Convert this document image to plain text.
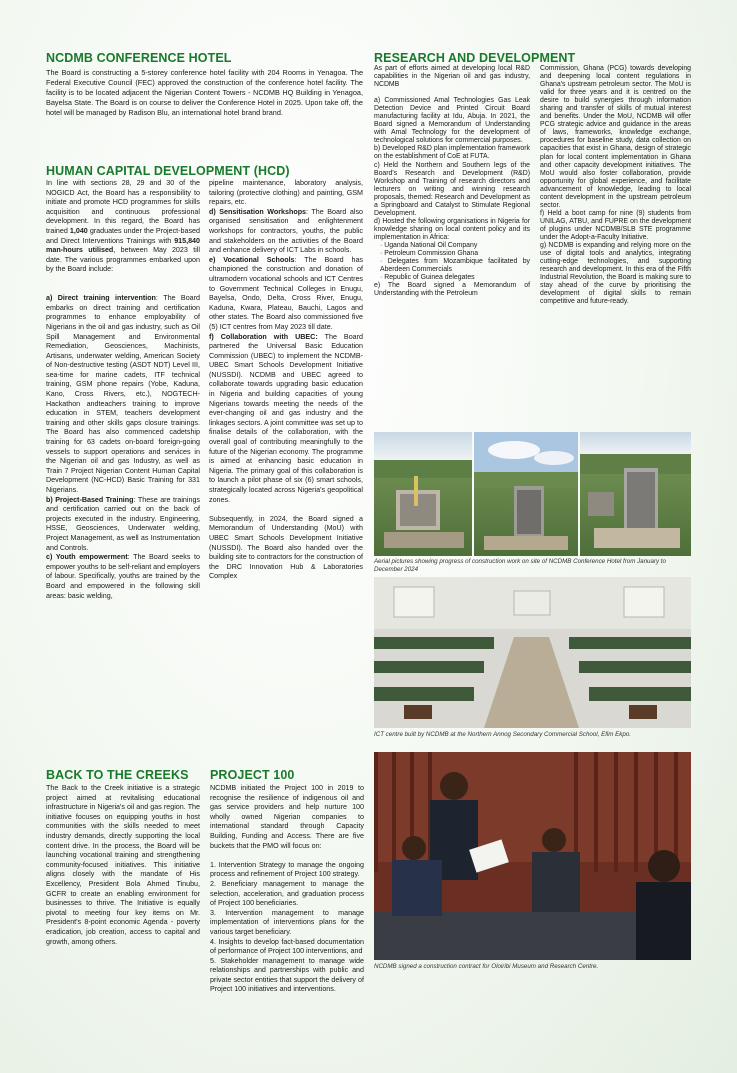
NCDMB CONFERENCE HOTEL

The Board is constructing a 5-storey conference hotel facility with 204 Rooms in Yenagoa. The Federal Executive Council (FEC) approved the construction of the conference hotel facility. The facility is to be located adjacent the Nigerian Content Towers - NCDMB HQ Building in Yenagoa, Bayelsa State. The Board is on course to deliver the Conference Hotel in 2025. Upon take off, the hotel will be managed by Radison Blu, an international hotel brand brand.

HUMAN CAPITAL DEVELOPMENT (HCD)

In line with sections 28, 29 and 30 of the NOGICD Act, the Board has a responsibility to initiate and promote HCD programmes for skills acquisition and continuous professional development. In this regard, the Board has trained 1,040 graduates under the Project-based and Direct Interventions Trainings with 915,840 man-hours utilised, between May 2023 till date. The various programmes embarked upon by the Board include:

a) Direct training intervention: The Board embarks on direct training and certification programmes to enhance employability of Nigerians in the oil and gas industry, such as Oil Spill Management and Environmental Remediation, Geosciences, Machinists, Artisans, underwater welding, American Society of Non-destructive testing (ASDT NDT) Level III, sea-time for marine cadets, ITF technical training, GSM phone repairs (Yobe, Kaduna, Kano, Cross Rivers, etc.), NOGTECH-Hackathon andteachers training to improve education in STEM, teachers development training and other skills gaps closure trainings. The Board has also commenced cadetship training for 63 cadets on-board foreign-going vessels to support operations and services in the Nigerian oil and gas Industry, as well as Train 7 Project Nigerian Content Human Capital Development (NC-HCD) Basic Training for 331 Nigerians.

b) Project-Based Training: These are trainings and certification carried out on the back of projects executed in the industry. Engineering, HSSE, Geosciences, Underwater welding, Project Management, as well as Instrumentation and Controls.

c) Youth empowerment: The Board seeks to empower youths to be self-reliant and employers of labour. Specifically, youths are trained by the Board and empowered in the following skill areas: basic welding,

pipeline maintenance, laboratory analysis, tailoring (protective clothing) and painting, GSM repairs, etc.

d) Sensitisation Workshops: The Board also organised sensitisation and enlightenment workshops for contractors, youths, the public and stakeholders on the activities of the Board and enhance delivery of ICT Labs in schools.

e) Vocational Schools: The Board has championed the construction and donation of ultramodern vocational schools and ICT Centres to Government Technical Colleges in Enugu, Bayelsa, Ondo, Delta, Cross River, Enugu, Kaduna, Kwara, Plateau, Bauchi, Lagos and other states. The Board also commissioned five (5) ICT centres from May 2023 till date.

f) Collaboration with UBEC: The Board partnered the Universal Basic Education Commission (UBEC) to implement the NCDMB-UBEC Smart Schools Development Initiative (NUSSDI). NCDMB and UBEC agreed to collaborate towards upgrading basic education in Nigeria and building capacities of young Nigerians towards meeting the needs of the ever-changing oil and gas industry and the linkages sectors. A joint committee was set up to finalise details of the collaboration, with the overall goal of contributing meaningfully to the future of the Nigerian economy. The programme is aimed at enhancing basic education in Nigeria. The primary goal of this collaboration is to launch a pilot phase of six (6) smart schools, strategically located across Nigeria's geopolitical zones.

Subsequently, in 2024, the Board signed a Memorandum of Understanding (MoU) with UBEC Smart Schools Development Initiative (NUSSDI). The Board also handed over the building site to contractors for the construction of the DRC Innovation Hub & Laboratories Complex

RESEARCH AND DEVELOPMENT

As part of efforts aimed at developing local R&D capabilities in the Nigerian oil and gas industry, NCDMB

a) Commissioned Amal Technologies Gas Leak Detection Device and Printed Circuit Board manufacturing facility at Idu, Abuja. In 2021, the Board signed a Memorandum of Understanding with Amal Technology for the development of technological solutions for commercial purposes.

b) Developed R&D plan implementation framework on the establishment of CoE at FUTA.

c) Held the Northern and Southern legs of the Board's Research and Development (R&D) Workshop and Training of research directors and lecturers on writing and winning research proposals, themed: Research and Development as a Springboard and Catalyst to Stimulate Regional Development.

d) Hosted the following organisations in Nigeria for knowledge sharing on local content policy and its implementation in Africa:

· Uganda National Oil Company
· Petroleum Commission Ghana
· Delegates from Mozambique facilitated by Aberdeen Commercials
· Republic of Guinea delegates

e) The Board signed a Memorandum of Understanding with the Petroleum

Commission, Ghana (PCG) towards developing and deepening local content regulations in Ghana's upstream petroleum sector. The MoU is valid for three years and it is centred on the desire to build synergies through information sharing and transfer of skills of mutual interest and benefits. Under the MoU, NCDMB will offer PCG strategic advice and guidance in the areas of laws, frameworks, knowledge exchange, procedures for baseline study, data collection on capacities that exist in Ghana, design of strategic plan for local content implementation in Ghana and other capacity development initiatives. The MoU would also foster collaboration, provide opportunity for global experience, and facilitate advancement of knowledge, leading to local content development in the upstream petroleum sector.

f) Held a boot camp for nine (9) students from UNILAG, ATBU, and FUPRE on the development of plugins under NCDMB/SLB STE programme under the Adopt-a-Faculty Initiative.

g) NCDMB is expanding and relying more on the use of digital tools and analytics, integrating cutting-edge technologies, and supporting research and development. In this era of the Fifth Industrial Revolution, the Board is making sure to stay ahead of the curve by prioritising the development of digital skills to remain competitive and future-ready.

Aerial pictures showing progress of construction work on site of NCDMB Conference Hotel from January to December 2024
ICT centre built by NCDMB at the Northern Annog Secondary Commercial School, Efim Ekpo.
BACK TO THE CREEKS

The Back to the Creek initiative is a strategic project aimed at revitalising educational infrastructure in Nigeria's oil and gas region. The initiative focuses on equipping youths in host communities with the skills needed to meet industry demands, directly supporting the local content drive. In the process, the Board will be launching vocational training and strengthening community-focused initiatives. This initiative aligns closely with the mandate of His Excellency, President Bola Ahmed Tinubu, GCFR to create an enabling environment for businesses to thrive. The Initiative is equally pivotal to meeting four key items on Mr. President's 8-point economic Agenda - poverty eradication, job creation, access to capital and growth, among others.

PROJECT 100

NCDMB initiated the Project 100 in 2019 to recognise the resilience of indigenous oil and gas service providers and help nurture 100 wholly owned Nigerian companies to international standard through Capacity Building, Funding and Access. There are five buckets that the PMO will focus on:

1. Intervention Strategy to manage the ongoing process and refinement of Project 100 strategy.

2. Beneficiary management to manage the selection, acceleration, and graduation process of Project 100 beneficiaries.

3. Intervention management to manage implementation of interventions plans for the various target beneficiary.

4. Insights to develop fact-based documentation of performance of Project 100 interventions, and

5. Stakeholder management to manage wide relationships and partnerships with public and private sector entities that support the delivery of Project 100 initiatives and interventions.

NCDMB signed a construction contract for Oloiribi Museum and Research Centre.
